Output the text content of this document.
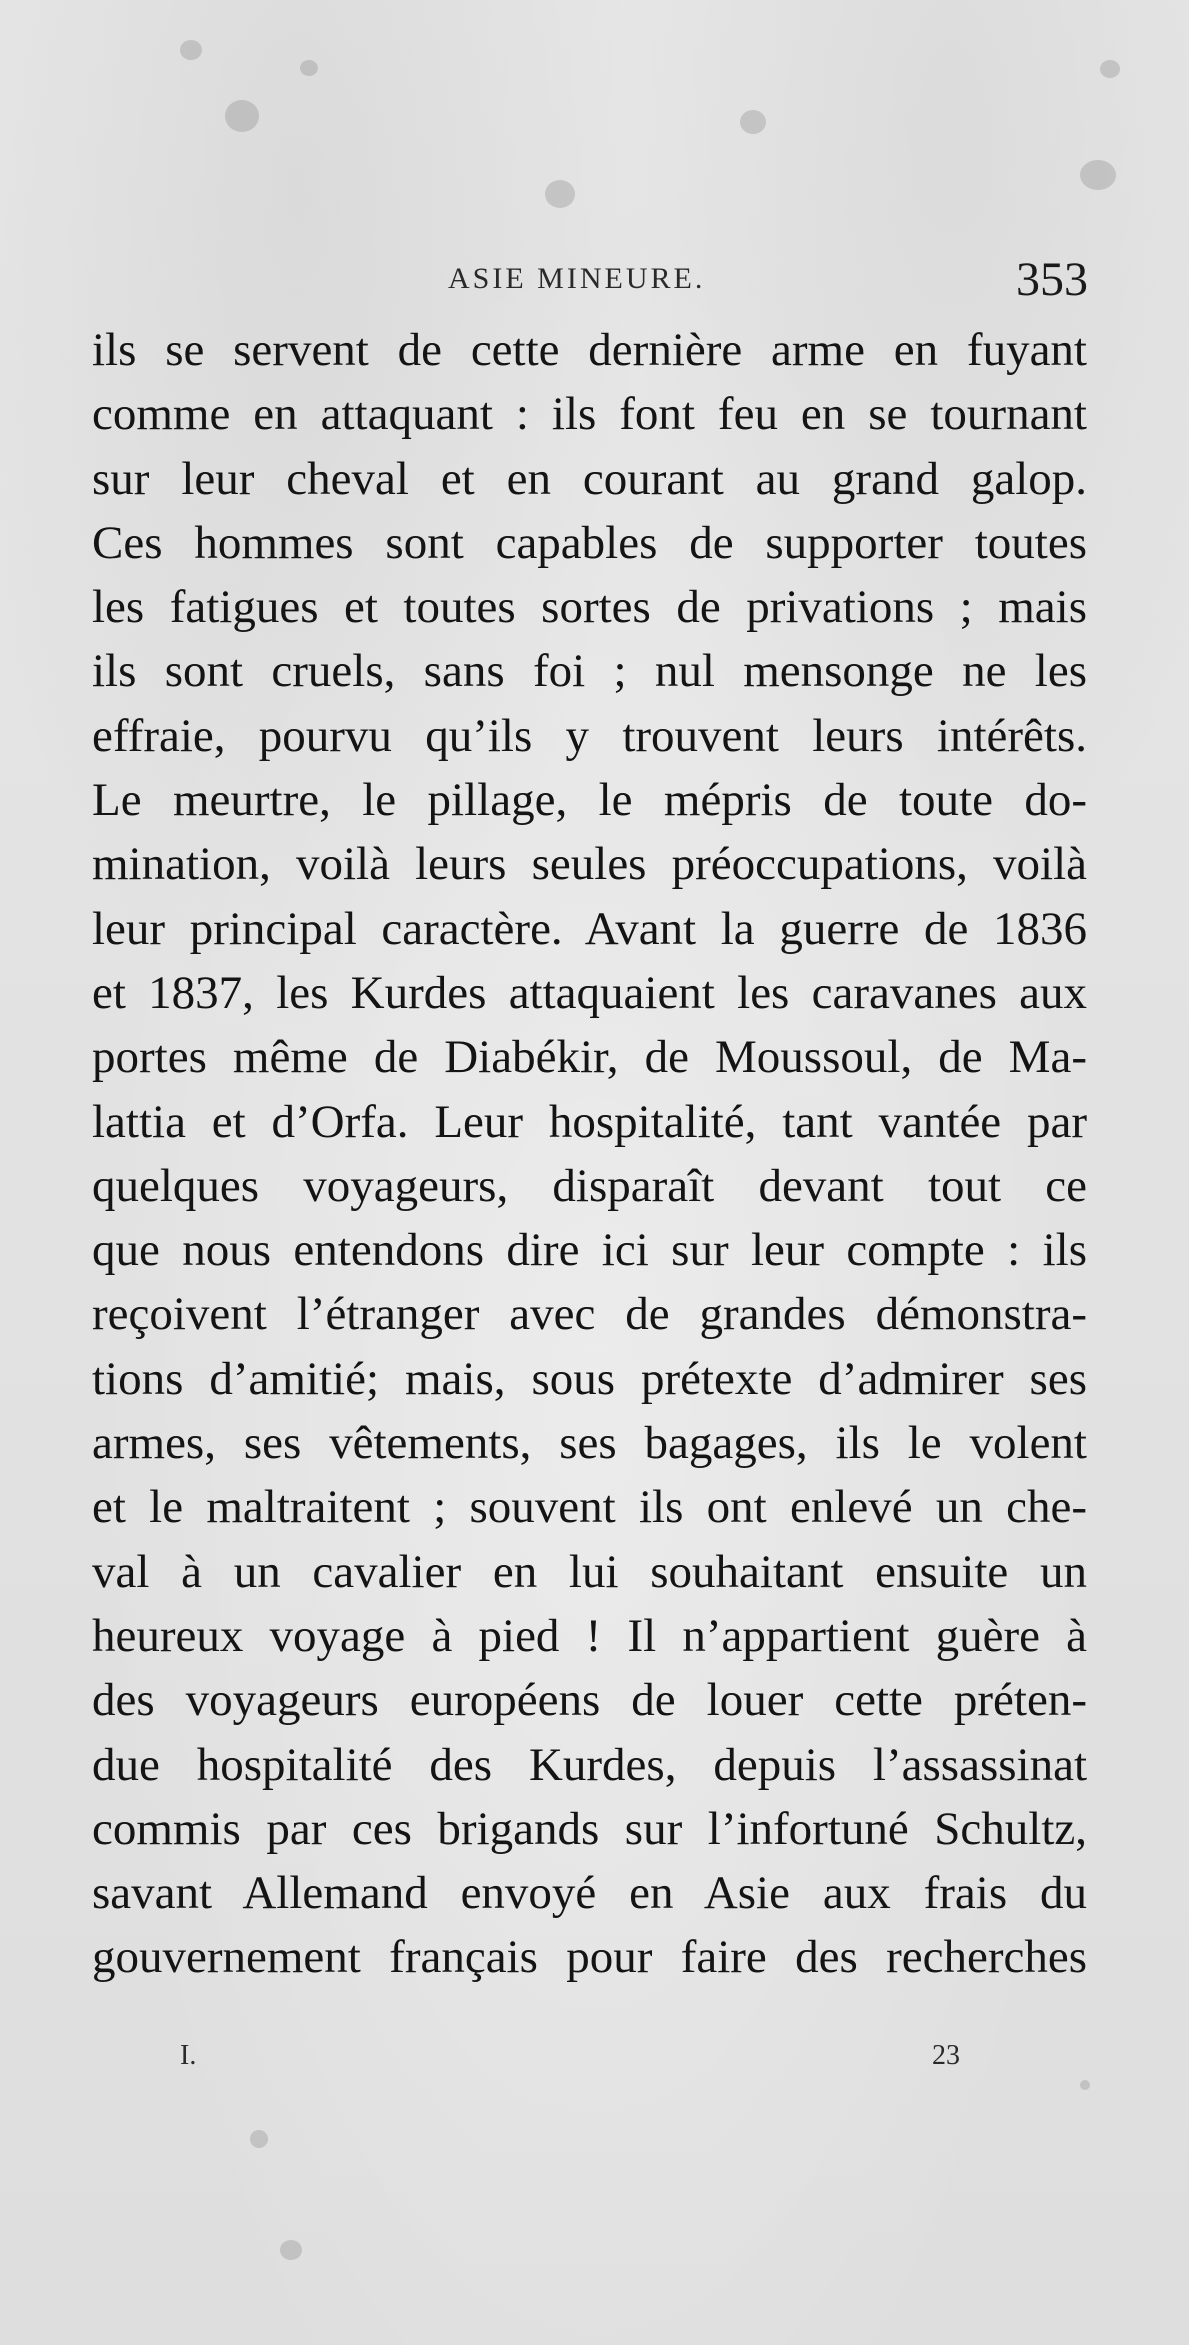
ASIE MINEURE.	353
ils se servent de cette dernière arme en fuyant
comme en attaquant : ils font feu en se tournant
sur leur cheval et en courant au grand galop.
Ces hommes sont capables de supporter toutes
les fatigues et toutes sortes de privations ; mais
ils sont cruels, sans foi ; nul mensonge ne les
effraie, pourvu qu’ils y trouvent leurs intérêts.
Le meurtre, le pillage, le mépris de toute do-
mination, voilà leurs seules préoccupations, voilà
leur principal caractère. Avant la guerre de 1836
et 1837, les Kurdes attaquaient les caravanes aux
portes même de Diabékir, de Moussoul, de Ma-
lattia et d’Orfa. Leur hospitalité, tant vantée par
quelques voyageurs, disparaît devant tout ce
que nous entendons dire ici sur leur compte : ils
reçoivent l’étranger avec de grandes démonstra-
tions d’amitié; mais, sous prétexte d’admirer ses
armes, ses vêtements, ses bagages, ils le volent
et le maltraitent ; souvent ils ont enlevé un che-
val à un cavalier en lui souhaitant ensuite un
heureux voyage à pied ! Il n’appartient guère à
des voyageurs européens de louer cette préten-
due hospitalité des Kurdes, depuis l’assassinat
commis par ces brigands sur l’infortuné Schultz,
savant Allemand envoyé en Asie aux frais du
gouvernement français pour faire des recherches
I.	23
